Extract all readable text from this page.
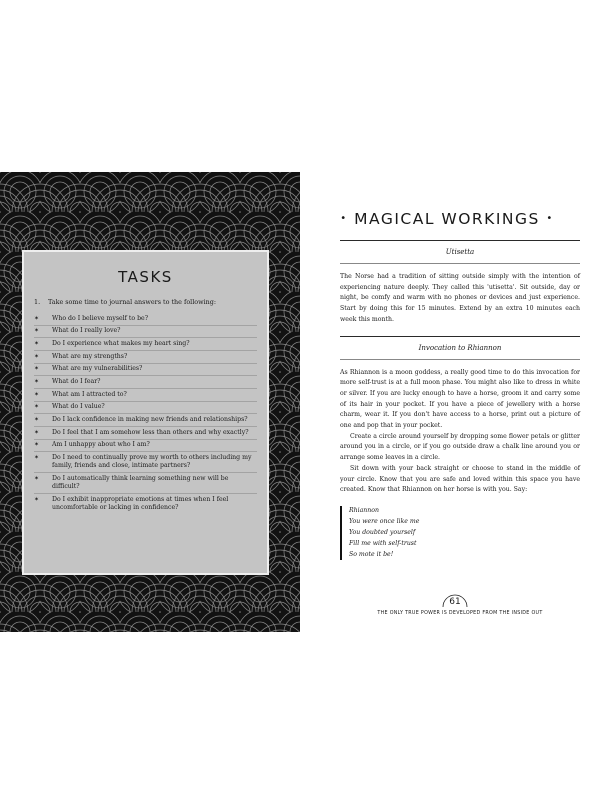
TASKS
1.	Take some time to journal answers to the following:
✶	Who do I believe myself to be?
✶	What do I really love?
✶	Do I experience what makes my heart sing?
✶	What are my strengths?
✶	What are my vulnerabilities?
✶	What do I fear?
✶	What am I attracted to?
✶	What do I value?
✶	Do I lack confidence in making new friends and relationships?
✶	Do I feel that I am somehow less than others and why exactly?
✶	Am I unhappy about who I am?
✶	Do I need to continually prove my worth to others including my family, friends and close, intimate partners?
✶	Do I automatically think learning something new will be difficult?
✶	Do I exhibit inappropriate emotions at times when I feel uncomfortable or lacking in confidence?
• MAGICAL WORKINGS •
Utisetta

The Norse had a tradition of sitting outside simply with the intention of experiencing nature deeply. They called this 'utisetta'. Sit outside, day or night, be comfy and warm with no phones or devices and just experience. Start by doing this for 15 minutes. Extend by an extra 10 minutes each week this month.

Invocation to Rhiannon

As Rhiannon is a moon goddess, a really good time to do this invocation for more self-trust is at a full moon phase. You might also like to dress in white or silver. If you are lucky enough to have a horse, groom it and carry some of its hair in your pocket. If you have a piece of jewellery with a horse charm, wear it. If you don't have access to a horse, print out a picture of one and pop that in your pocket.

Create a circle around yourself by dropping some flower petals or glitter around you in a circle, or if you go outside draw a chalk line around you or arrange some leaves in a circle.

Sit down with your back straight or choose to stand in the middle of your circle. Know that you are safe and loved within this space you have created. Know that Rhiannon on her horse is with you. Say:

Rhiannon
You were once like me
You doubted yourself
Fill me with self-trust
So mote it be!
61
THE ONLY TRUE POWER IS DEVELOPED FROM THE INSIDE OUT
